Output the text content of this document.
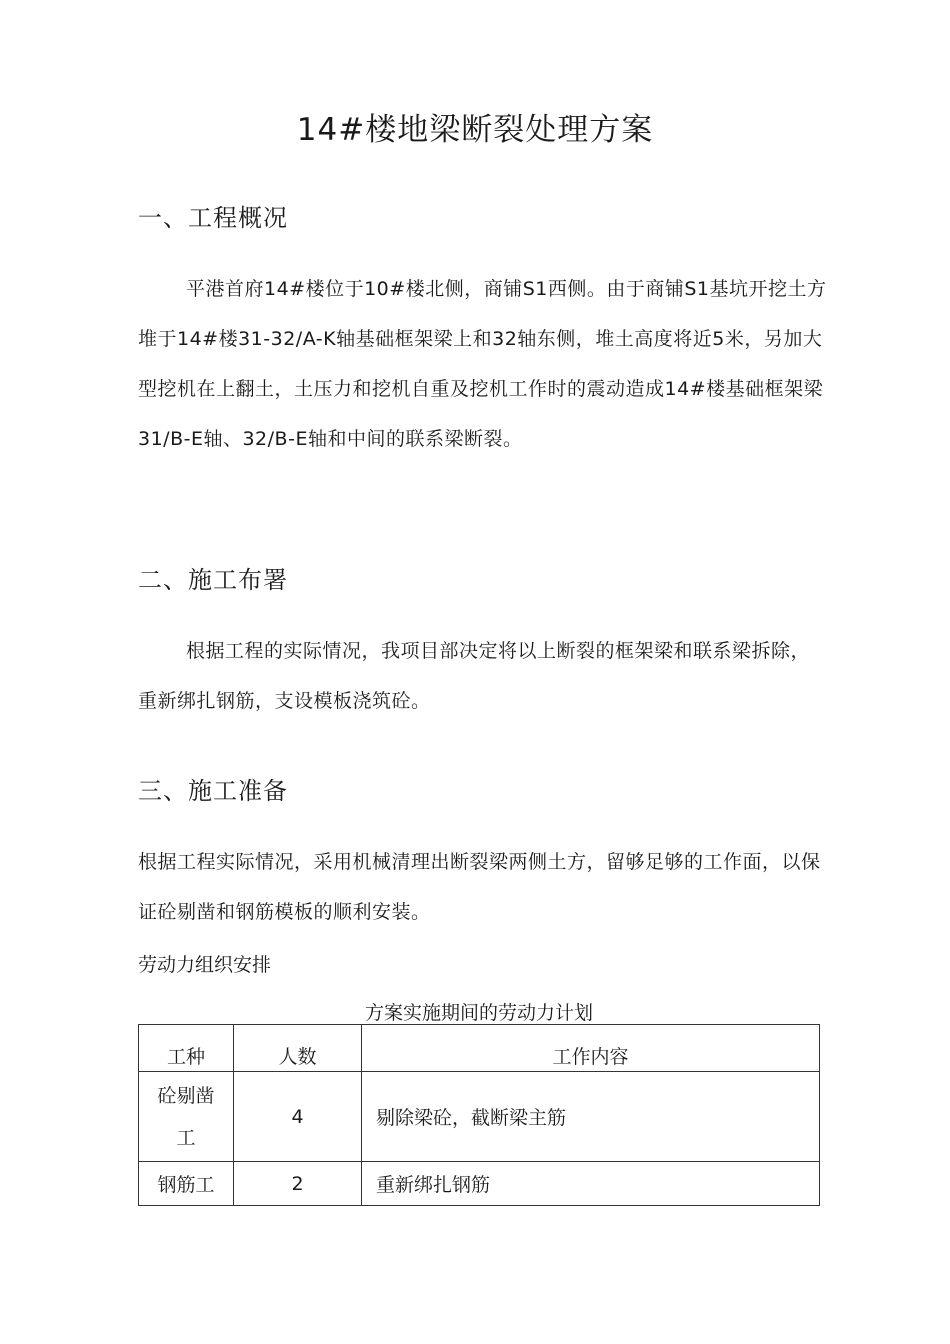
14#楼地梁断裂处理方案
一、工程概况

平港首府14#楼位于10#楼北侧，商铺S1西侧。由于商铺S1基坑开挖土方堆于14#楼31-32/A-K轴基础框架梁上和32轴东侧，堆土高度将近5米，另加大型挖机在上翻土，土压力和挖机自重及挖机工作时的震动造成14#楼基础框架梁31/B-E轴、32/B-E轴和中间的联系梁断裂。

二、施工布署

根据工程的实际情况，我项目部决定将以上断裂的框架梁和联系梁拆除，重新绑扎钢筋，支设模板浇筑砼。

三、施工准备

根据工程实际情况，采用机械清理出断裂梁两侧土方，留够足够的工作面，以保证砼剔凿和钢筋模板的顺利安装。

劳动力组织安排
方案实施期间的劳动力计划
工种	人数	工作内容

砼剔凿工	4	剔除梁砼，截断梁主筋
钢筋工	2	重新绑扎钢筋
